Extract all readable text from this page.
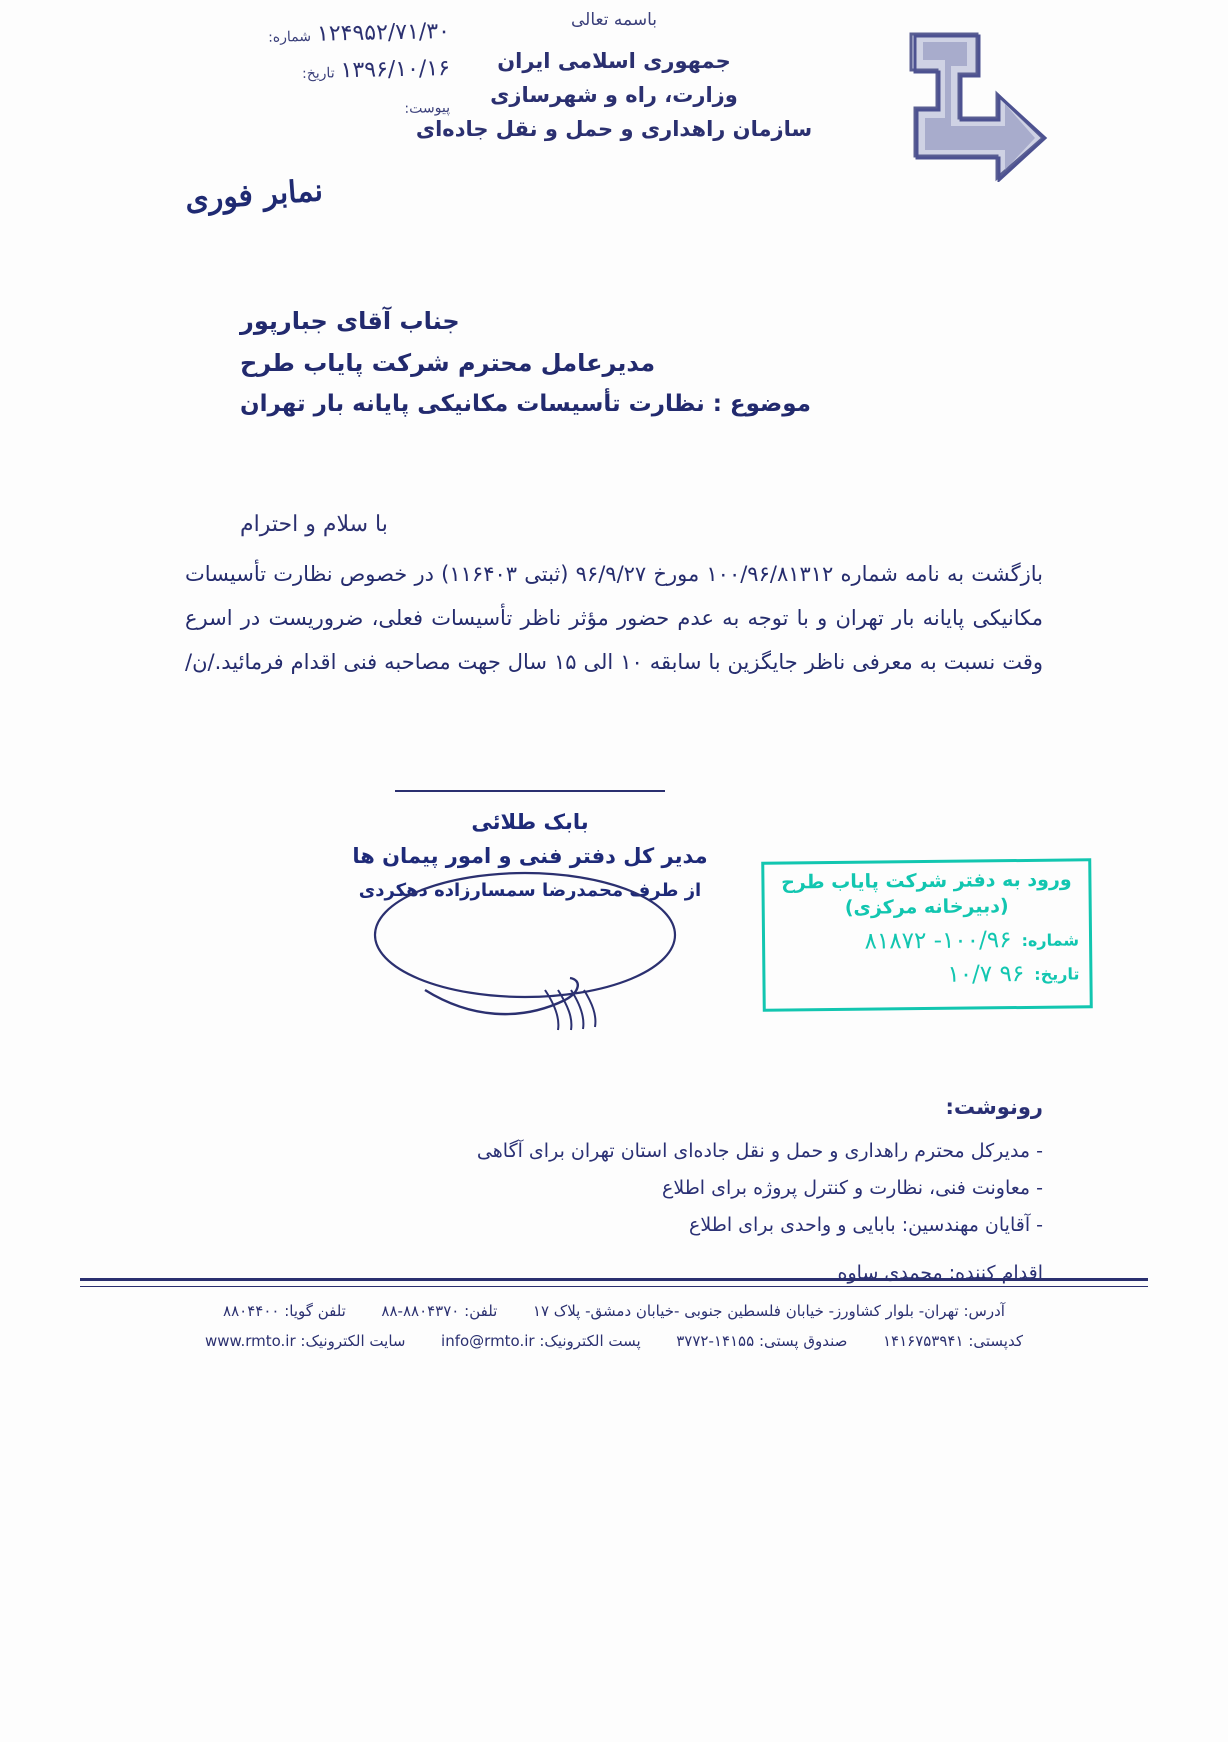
باسمه تعالی
جمهوری اسلامی ایران
وزارت، راه و شهرسازی
سازمان راهداری و حمل و نقل جاده‌ای
۱۲۴۹۵۲/۷۱/۳۰ شماره:
۱۳۹۶/۱۰/۱۶ تاریخ:
پیوست:
نمابر فوری
جناب آقای جبارپور
مدیرعامل محترم شرکت پایاب طرح
موضوع : نظارت تأسیسات مکانیکی پایانه بار تهران
با سلام و احترام

بازگشت به نامه شماره ۱۰۰/۹۶/۸۱۳۱۲ مورخ ۹۶/۹/۲۷ (ثبتی ۱۱۶۴۰۳) در خصوص نظارت تأسیسات مکانیکی پایانه بار تهران و با توجه به عدم حضور مؤثر ناظر تأسیسات فعلی، ضروریست در اسرع وقت نسبت به معرفی ناظر جایگزین با سابقه ۱۰ الی ۱۵ سال جهت مصاحبه فنی اقدام فرمائید./ن/

بابک طلائی
مدیر کل دفتر فنی و امور پیمان ها
از طرف محمدرضا سمسارزاده دهکردی	ورود به دفتر شرکت پایاب طرح
(دبیرخانه مرکزی)
شماره:
۱۰۰/۹۶- ۸۱۸۷۲
تاریخ:
۹۶ ۱۰/۷
رونوشت:
- مدیرکل محترم راهداری و حمل و نقل جاده‌ای استان تهران برای آگاهی
- معاونت فنی، نظارت و کنترل پروژه برای اطلاع
- آقایان مهندسین: بابایی و واحدی برای اطلاع
اقدام کننده: محمدی ساوه
آدرس: تهران- بلوار کشاورز- خیابان فلسطین جنوبی -خیابان دمشق- پلاک ۱۷  تلفن: ۸۸۰۴۳۷۰-۸۸  تلفن گویا: ۸۸۰۴۴۰۰
کدپستی: ۱۴۱۶۷۵۳۹۴۱  صندوق پستی: ۱۴۱۵۵-۳۷۷۲  پست الکترونیک: info@rmto.ir  سایت الکترونیک: www.rmto.ir
